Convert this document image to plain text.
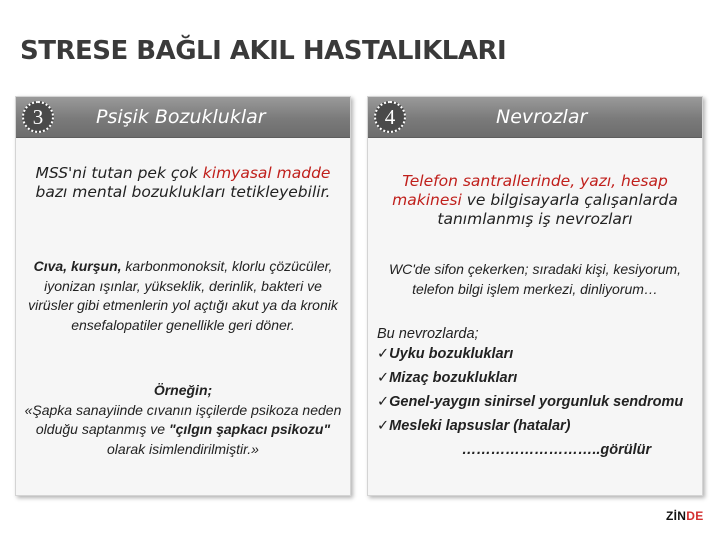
STRESE BAĞLI AKIL HASTALIKLARI
3	Psişik Bozukluklar
MSS'ni tutan pek çok kimyasal madde bazı mental bozuklukları tetikleyebilir.
Cıva, kurşun, karbonmonoksit, klorlu çözücüler, iyonizan ışınlar, yükseklik, derinlik, bakteri ve virüsler gibi etmenlerin yol açtığı akut ya da kronik ensefalopatiler genellikle geri döner.
Örneğin;
«Şapka sanayiinde cıvanın işçilerde psikoza neden olduğu saptanmış ve "çılgın şapkacı psikozu" olarak isimlendirilmiştir.»
4	Nevrozlar
Telefon santrallerinde, yazı, hesap makinesi ve bilgisayarla çalışanlarda tanımlanmış iş nevrozları
WC'de sifon çekerken; sıradaki kişi, kesiyorum, telefon bilgi işlem merkezi, dinliyorum…
Bu nevrozlarda;
✓Uyku bozuklukları
✓Mizaç bozuklukları
✓Genel-yaygın sinirsel yorgunluk sendromu
✓Mesleki lapsuslar (hatalar)
………………………..görülür
ZİNDE
